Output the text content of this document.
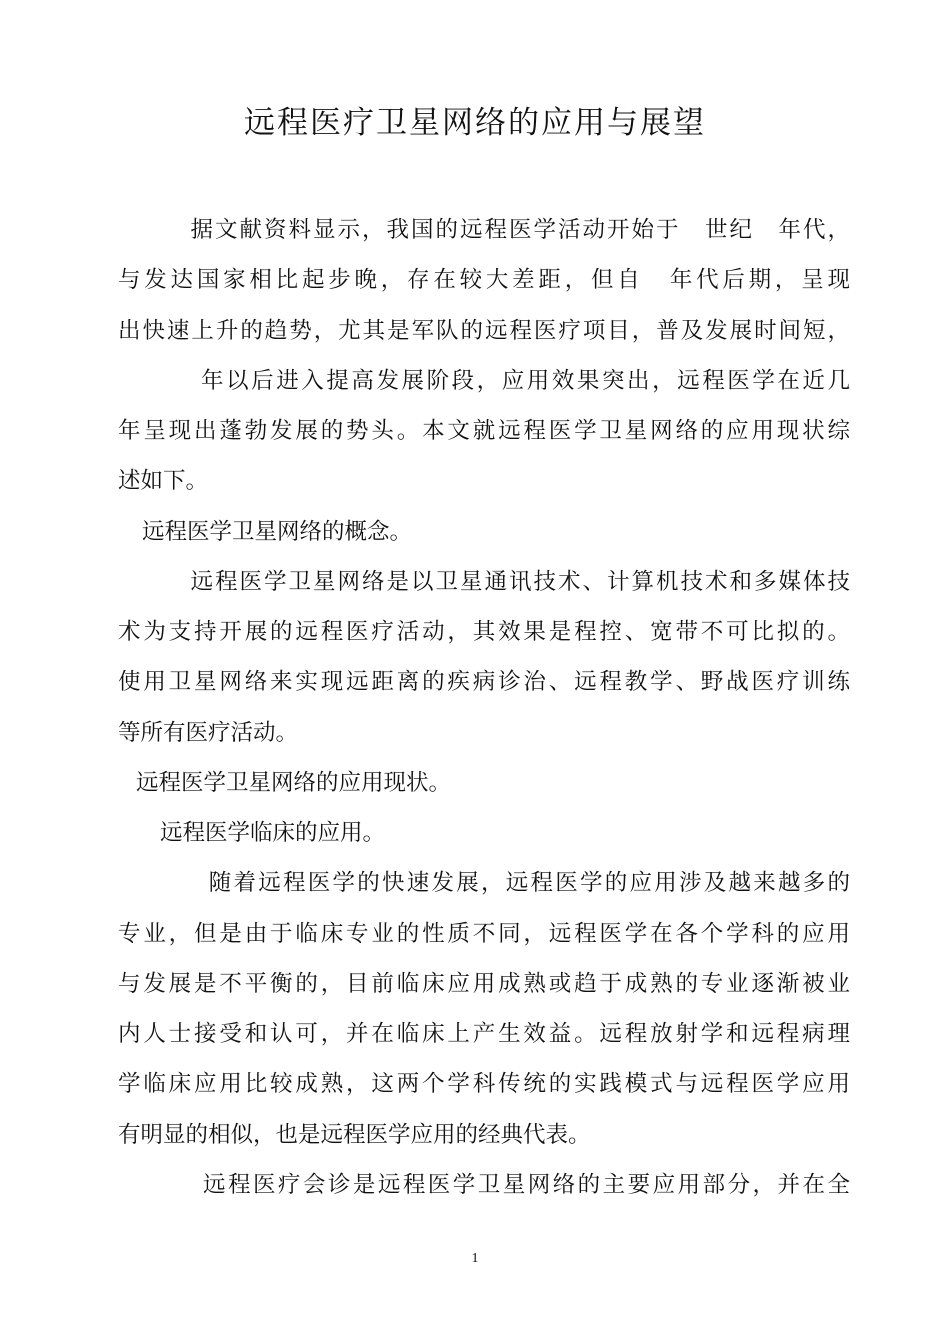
远程医疗卫星网络的应用与展望

　据文献资料显示，我国的远程医学活动开始于　世纪　年代，

与发达国家相比起步晚，存在较大差距，但自　年代后期，呈现

出快速上升的趋势，尤其是军队的远程医疗项目，普及发展时间短，

　年以后进入提高发展阶段，应用效果突出，远程医学在近几

年呈现出蓬勃发展的势头。本文就远程医学卫星网络的应用现状综

述如下。

远程医学卫星网络的概念。

　远程医学卫星网络是以卫星通讯技术、计算机技术和多媒体技

术为支持开展的远程医疗活动，其效果是程控、宽带不可比拟的。

使用卫星网络来实现远距离的疾病诊治、远程教学、野战医疗训练

等所有医疗活动。

远程医学卫星网络的应用现状。

远程医学临床的应用。

　随着远程医学的快速发展，远程医学的应用涉及越来越多的

专业，但是由于临床专业的性质不同，远程医学在各个学科的应用

与发展是不平衡的，目前临床应用成熟或趋于成熟的专业逐渐被业

内人士接受和认可，并在临床上产生效益。远程放射学和远程病理

学临床应用比较成熟，这两个学科传统的实践模式与远程医学应用

有明显的相似，也是远程医学应用的经典代表。

　远程医疗会诊是远程医学卫星网络的主要应用部分，并在全

1
